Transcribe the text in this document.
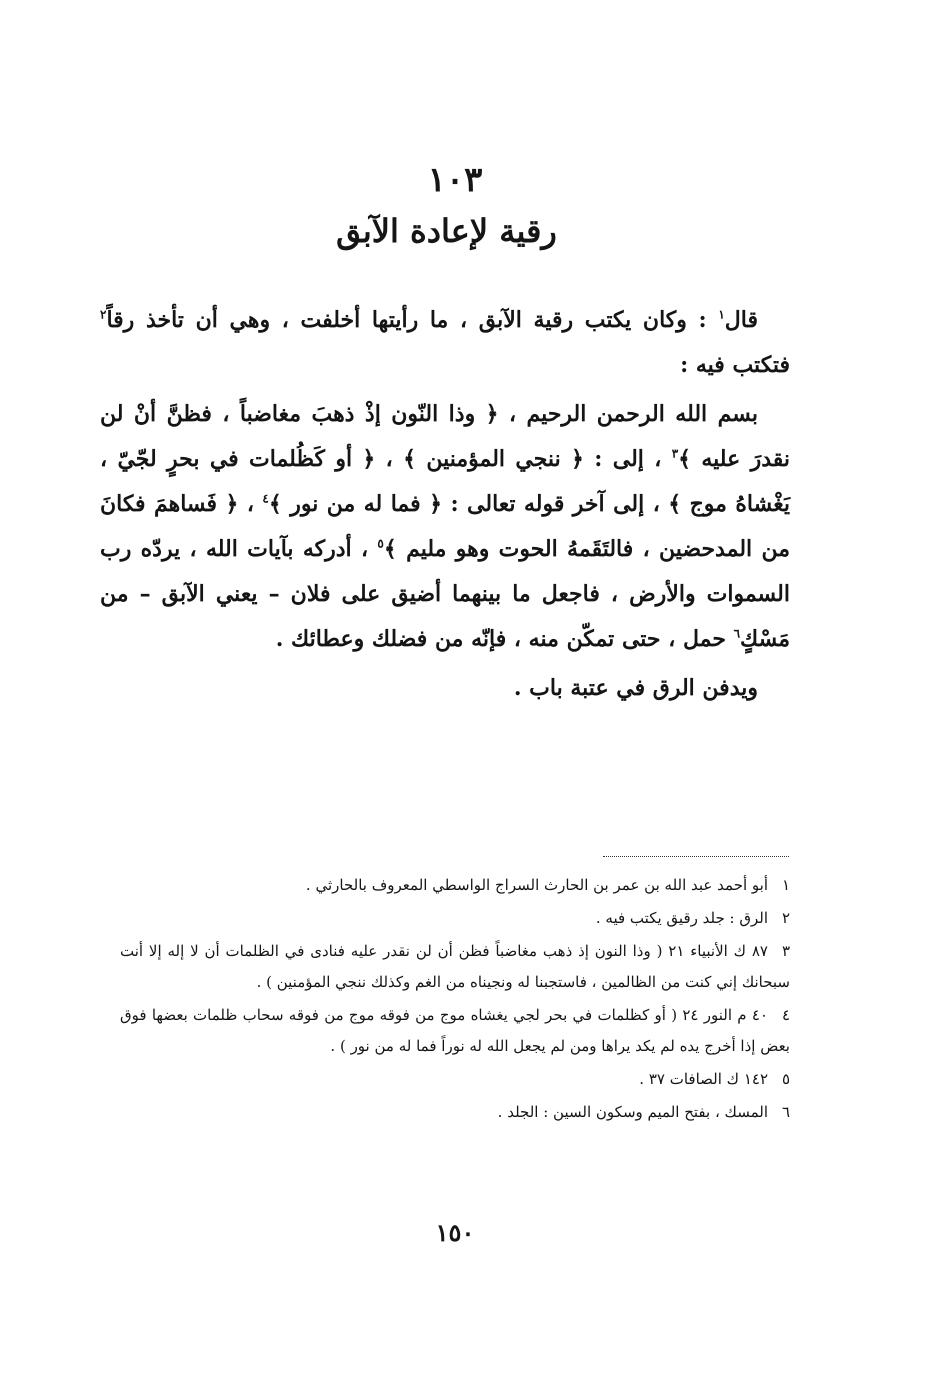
١٠٣
رقية لإعادة الآبق

قال$^١$ : وكان يكتب رقية الآبق ، ما رأيتها أخلفت ، وهي أن تأخذ رقاً$^٢$ فتكتب فيه :

بسم الله الرحمن الرحيم ، ﴿ وذا النّون إذْ ذهبَ مغاضباً ، فظنَّ أنْ لن نقدرَ عليه ﴾$^٣$ ، إلى : ﴿ ننجي المؤمنين ﴾ ، ﴿ أو كَظُلمات في بحرٍ لجّيّ ، يَغْشاهُ موج ﴾ ، إلى آخر قوله تعالى : ﴿ فما له من نور ﴾$^٤$ ، ﴿ فَساهمَ فكانَ من المدحضين ، فالتَقَمهُ الحوت وهو مليم ﴾$^٥$ ، أدركه بآيات الله ، يردّه رب السموات والأرض ، فاجعل ما بينهما أضيق على فلان – يعني الآبق – من مَسْكٍ$^٦$ حمل ، حتى تمكّن منه ، فإنّه من فضلك وعطائك .

ويدفن الرق في عتبة باب .

١أبو أحمد عبد الله بن عمر بن الحارث السراج الواسطي المعروف بالحارثي .

٢الرق : جلد رقيق يكتب فيه .

٣٨٧ ك الأنبياء ٢١ ( وذا النون إذ ذهب مغاضباً فظن أن لن نقدر عليه فنادى في الظلمات أن لا إله إلا أنت سبحانك إني كنت من الظالمين ، فاستجبنا له ونجيناه من الغم وكذلك ننجي المؤمنين ) .

٤٤٠ م النور ٢٤ ( أو كظلمات في بحر لجي يغشاه موج من فوقه موج من فوقه سحاب ظلمات بعضها فوق بعض إذا أخرج يده لم يكد يراها ومن لم يجعل الله له نوراً فما له من نور ) .

٥١٤٢ ك الصافات ٣٧ .

٦المسك ، بفتح الميم وسكون السين : الجلد .

١٥٠
